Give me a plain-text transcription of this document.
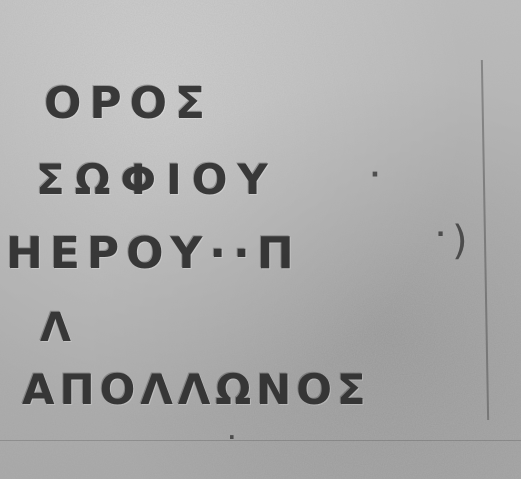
ΟΡΟΣ

ΣΩΦΙΟΥ

ΗΕΡΟΥ··Π

Λ

ΑΠΟΛΛΩΝΟΣ

·
·
·
)
